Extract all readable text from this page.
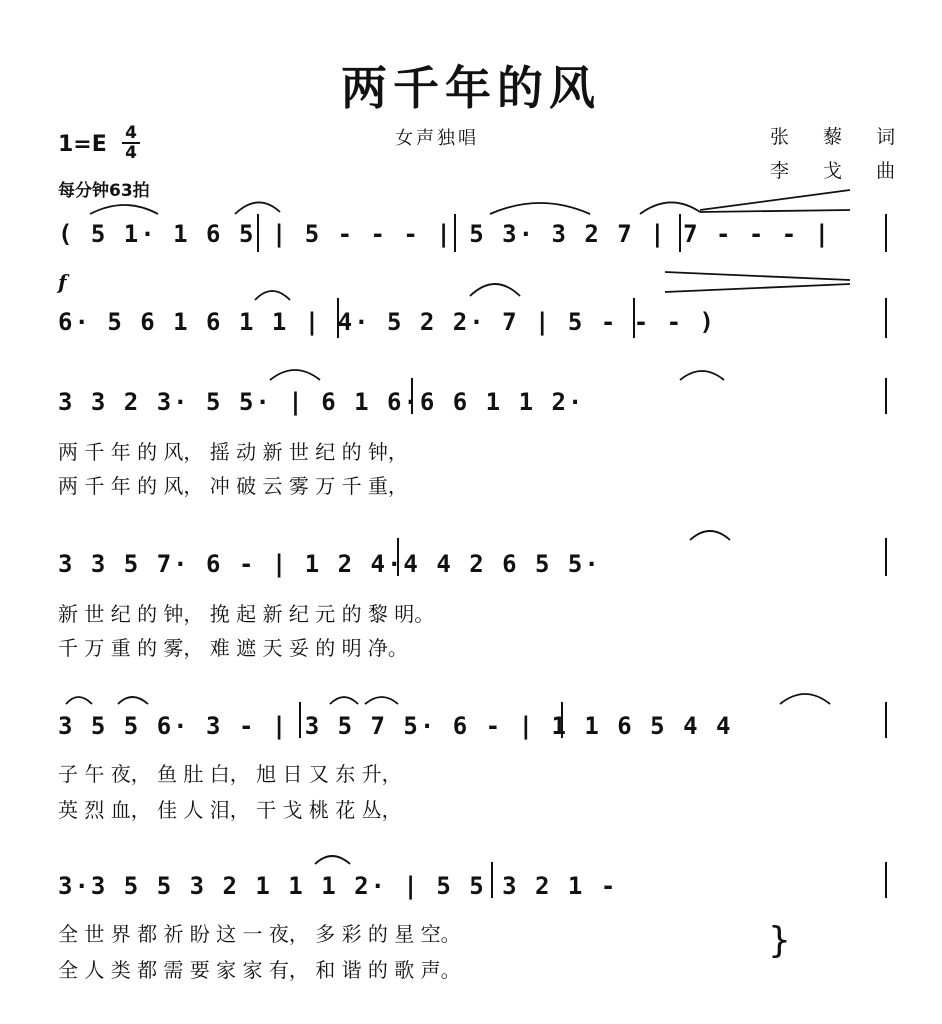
两千年的风
女声独唱	张 藜 词
李 戈 曲
1=E 4
4
每分钟63拍
f
( 5 1· 1 6 5 | 5 - - - | 5 3· 3 2 7 | 7 - - - |
6· 5 6 1 6 1 1 | 4· 5 2 2· 7 | 5 - - - )
3 3 2 3· 5 5· | 6 1 6·6 6 1 1 2·
两 千 年 的 风， 摇 动 新 世 纪 的 钟，
两 千 年 的 风， 冲 破 云 雾 万 千 重，
3 3 5 7· 6 - | 1 2 4·4 4 2 6 5 5·
新 世 纪 的 钟， 挽 起 新 纪 元 的 黎 明。
千 万 重 的 雾， 难 遮 天 妥 的 明 净。
3 5 5 6· 3 - | 3 5 7 5· 6 - | 1 1 6 5 4 4
子 午 夜， 鱼 肚 白， 旭 日 又 东 升，
英 烈 血， 佳 人 泪， 干 戈 桃 花 丛，
3·3 5 5 3 2 1 1 1 2· | 5 5 3 2 1 -
全 世 界 都 祈 盼 这 一 夜， 多 彩 的 星 空。
全 人 类 都 需 要 家 家 有， 和 谐 的 歌 声。
}
